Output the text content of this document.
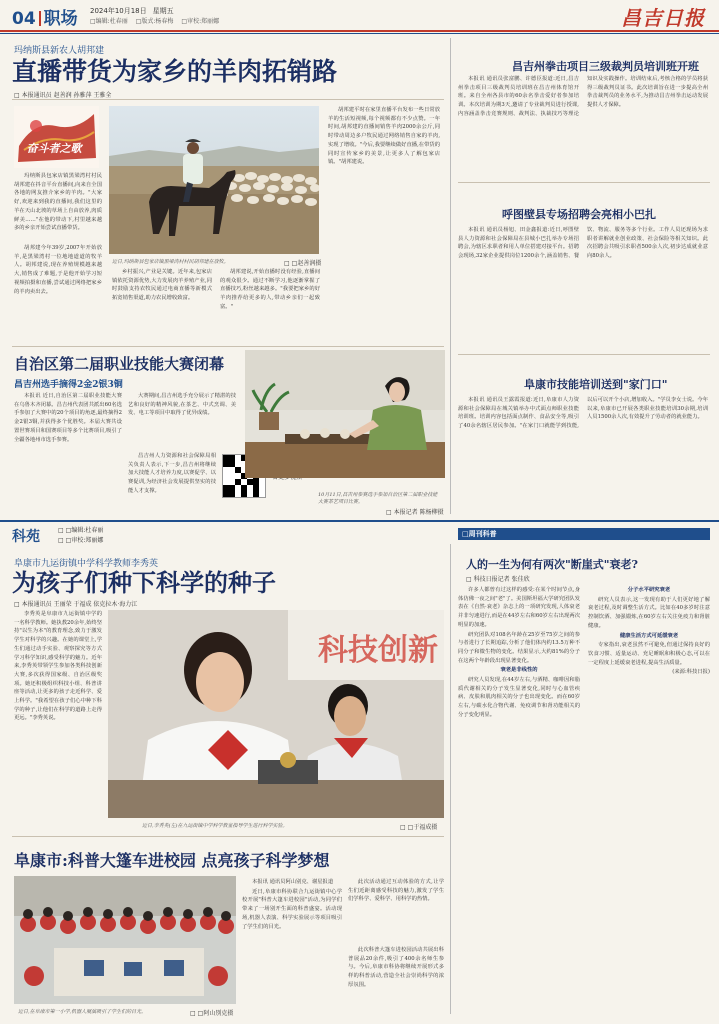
04 职场 2024年10月18日 星期五
□编辑:杜春丽 □版式:杨春梅 □审校:郑丽娜	昌吉日报
玛纳斯县新农人胡邦建
直播带货为家乡的羊肉拓销路
□ 本报通讯员 赵善润 孙雅萍 王雅全
奋斗者之歌

玛纳斯县包家店镇黑梁湾村村民胡邦建在抖音平台直播间,向来自全国各地的网友推介家乡的羊肉。"大家好,欢迎来到我的直播间,我们这里的羊在天山北坡的草场上自由放养,肉质鲜美……"在他的带动下,村里越来越多的乡亲开始尝试直播带货。

胡邦建今年39岁,2007年开始放羊,是黑梁湾村一位地地道道的牧羊人。胡邦建说,现在养殖规模越来越大,销售成了难题,于是他开始学习短视频拍摄和直播,尝试通过网络把家乡的羊肉卖出去。

近日,玛纳斯县包家店镇黑梁湾村村民胡邦建在放牧。	□ □赵善润摄

乡村振兴,产业是关键。近年来,包家店镇依托资源优势,大力发展肉羊养殖产业,同时鼓励支持农牧民通过电商直播等新模式拓宽销售渠道,助力农民增收致富。

胡邦建说,开始直播时没有经验,直播间的观众很少。通过不断学习,他逐渐掌握了直播技巧,粉丝越来越多。"我要把家乡的好羊肉推荐给更多的人,带动乡亲们一起致富。"

胡邦建平时在家里直播平台发布一些日常放羊的生活短视频,每个视频都有不少点赞。一年时间,胡邦建的直播间销售羊肉2000余公斤,同时带动周边多户牧民通过网络销售自家的羊肉,实现了增收。"今后,我要继续做好直播,在带货的同时宣传家乡的美景,让更多人了解包家店镇。"胡邦建说。

昌吉州拳击项目三级裁判员培训班开班

本报讯 通讯员张富鹏、许德臣报道:近日,昌吉州拳击项目三级裁判员培训班在昌吉州体育馆开班。来自全州各县市的60余名拳击爱好者参加培训。本次培训为期3天,邀请了专业裁判员进行授课,内容涵盖拳击竞赛规则、裁判法、执裁技巧等理论知识及实践操作。培训结束后,考核合格的学员将获得三级裁判员证书。此次培训旨在进一步提高全州拳击裁判员的业务水平,为推动昌吉州拳击运动发展提供人才保障。

呼图壁县专场招聘会亮相小巴扎

本报讯 通讯员杨旭、田金鑫报道:近日,呼图壁县人力资源和社会保障局在县城小巴扎举办专场招聘会,为辖区求职者和用人单位搭建对接平台。招聘会现场,32家企业提供岗位1200余个,涵盖销售、餐饮、物流、服务等多个行业。工作人员还现场为求职者讲解就业创业政策、社会保险等相关知识。此次招聘会共吸引求职者500余人次,初步达成就业意向80余人。

阜康市技能培训送到"家门口"

本报讯 通讯员王露霞报道:近日,阜康市人力资源和社会保障局在城关镇举办中式面点师职业技能培训班。培训内容包括面点制作、食品安全等,吸引了40余名辖区居民参加。"在家门口就能学到技能,以后可以开个小店,增加收入。"学员李女士说。今年以来,阜康市已开展各类职业技能培训30余期,培训人员1500余人次,有效提升了劳动者的就业能力。

自治区第二届职业技能大赛闭幕
昌吉州选手摘得2金2银3铜

本报讯 近日,自治区第二届职业技能大赛在乌鲁木齐闭幕。昌吉州代表团共派出60名选手参加了大赛中的20个项目的角逐,最终摘得2金2银3铜,并获得多个优胜奖。本届大赛共设置世赛项目和国赛项目等多个比赛项目,吸引了全疆各地州市选手参赛。

大赛期间,昌吉州选手充分展示了精湛的技艺和良好的精神风貌,在茶艺、中式烹调、美发、电工等项目中取得了优异成绩。

昌吉州人力资源和社会保障局相关负责人表示,下一步,昌吉州将继续加大技能人才培养力度,以赛促学、以赛促训,为经济社会发展提供坚实的技能人才支撑。

□
10月11日,昌吉州参赛选手参加自治区第二届职业技能大赛茶艺项目比赛。
□ 本报记者 陈杨柳摄
科苑	□ □编辑:杜春丽
□ □审校:郑丽娜
□周刊科普
阜康市九运街镇中学科学教师李秀英
为孩子们种下科学的种子
□ 本报通讯员 王丽荣 于福成 依克拉木·海力江

李秀英是阜康市九运街镇中学的一名科学教师。她执教20余年,始终坚持"以生为本"的教育理念,致力于激发学生对科学的兴趣。在她的课堂上,学生们通过动手实验、观察探究等方式学习科学知识,感受科学的魅力。近年来,李秀英带领学生参加各类科技创新大赛,多次获得国家级、自治区级奖项。她还积极组织科技小组、科普讲座等活动,让更多的孩子走近科学、爱上科学。"我希望在孩子们心中种下科学的种子,让他们在科学的道路上走得更远。"李秀英说。

科技创新
近日,李秀英(左)在九运街镇中学科学教室指导学生进行科学实验。	□ □于福成摄
阜康市:科普大篷车进校园 点亮孩子科学梦想
近日,在阜康市第一小学,机器人展演吸引了学生们的目光。	□ □阿山别克摄

本报讯 通讯员阿山别克、谢星报道

近日,阜康市科协联合九运街镇中心学校开展"科普大篷车进校园"活动,为同学们带来了一场别开生面的科普盛宴。活动现场,机器人表演、科学实验展示等项目吸引了学生们的目光。

此次活动通过互动体验的方式,让学生们近距离感受科技的魅力,激发了学生们学科学、爱科学、用科学的热情。

此次科普大篷车进校园活动共展出科普展品20余件,吸引了400余名师生参与。今后,阜康市科协将继续开展形式多样的科普活动,营造全社会崇尚科学的浓厚氛围。

人的一生为何有两次"断崖式"衰老?
□ 科技日报记者 张佳欣

许多人都曾有过这样的感受:在某个时间节点,身体仿佛一夜之间"老"了。美国斯坦福大学研究团队发表在《自然·衰老》杂志上的一项研究发现,人体衰老并非匀速进行,而是在44岁左右和60岁左右出现两次明显的加速。

研究团队对108名年龄在25岁至75岁之间的参与者进行了长期追踪,分析了他们体内约13.5万种不同分子和微生物的变化。结果显示,大约81%的分子在这两个年龄段出现显著变化。

衰老是非线性的

研究人员发现,在44岁左右,与酒精、咖啡因和脂质代谢相关的分子发生显著变化,同时与心血管疾病、皮肤和肌肉相关的分子也出现变化。而在60岁左右,与碳水化合物代谢、免疫调节和肾功能相关的分子变化明显。

分子水平研究衰老

研究人员表示,这一发现有助于人们更好地了解衰老过程,及时调整生活方式。比如在40多岁时注意控制饮酒、加强锻炼,在60岁左右关注免疫力和肾脏健康。

健康生活方式可延缓衰老

专家指出,衰老虽然不可避免,但通过保持良好的饮食习惯、适量运动、充足睡眠和积极心态,可以在一定程度上延缓衰老进程,提高生活质量。

(来源:科技日报)
